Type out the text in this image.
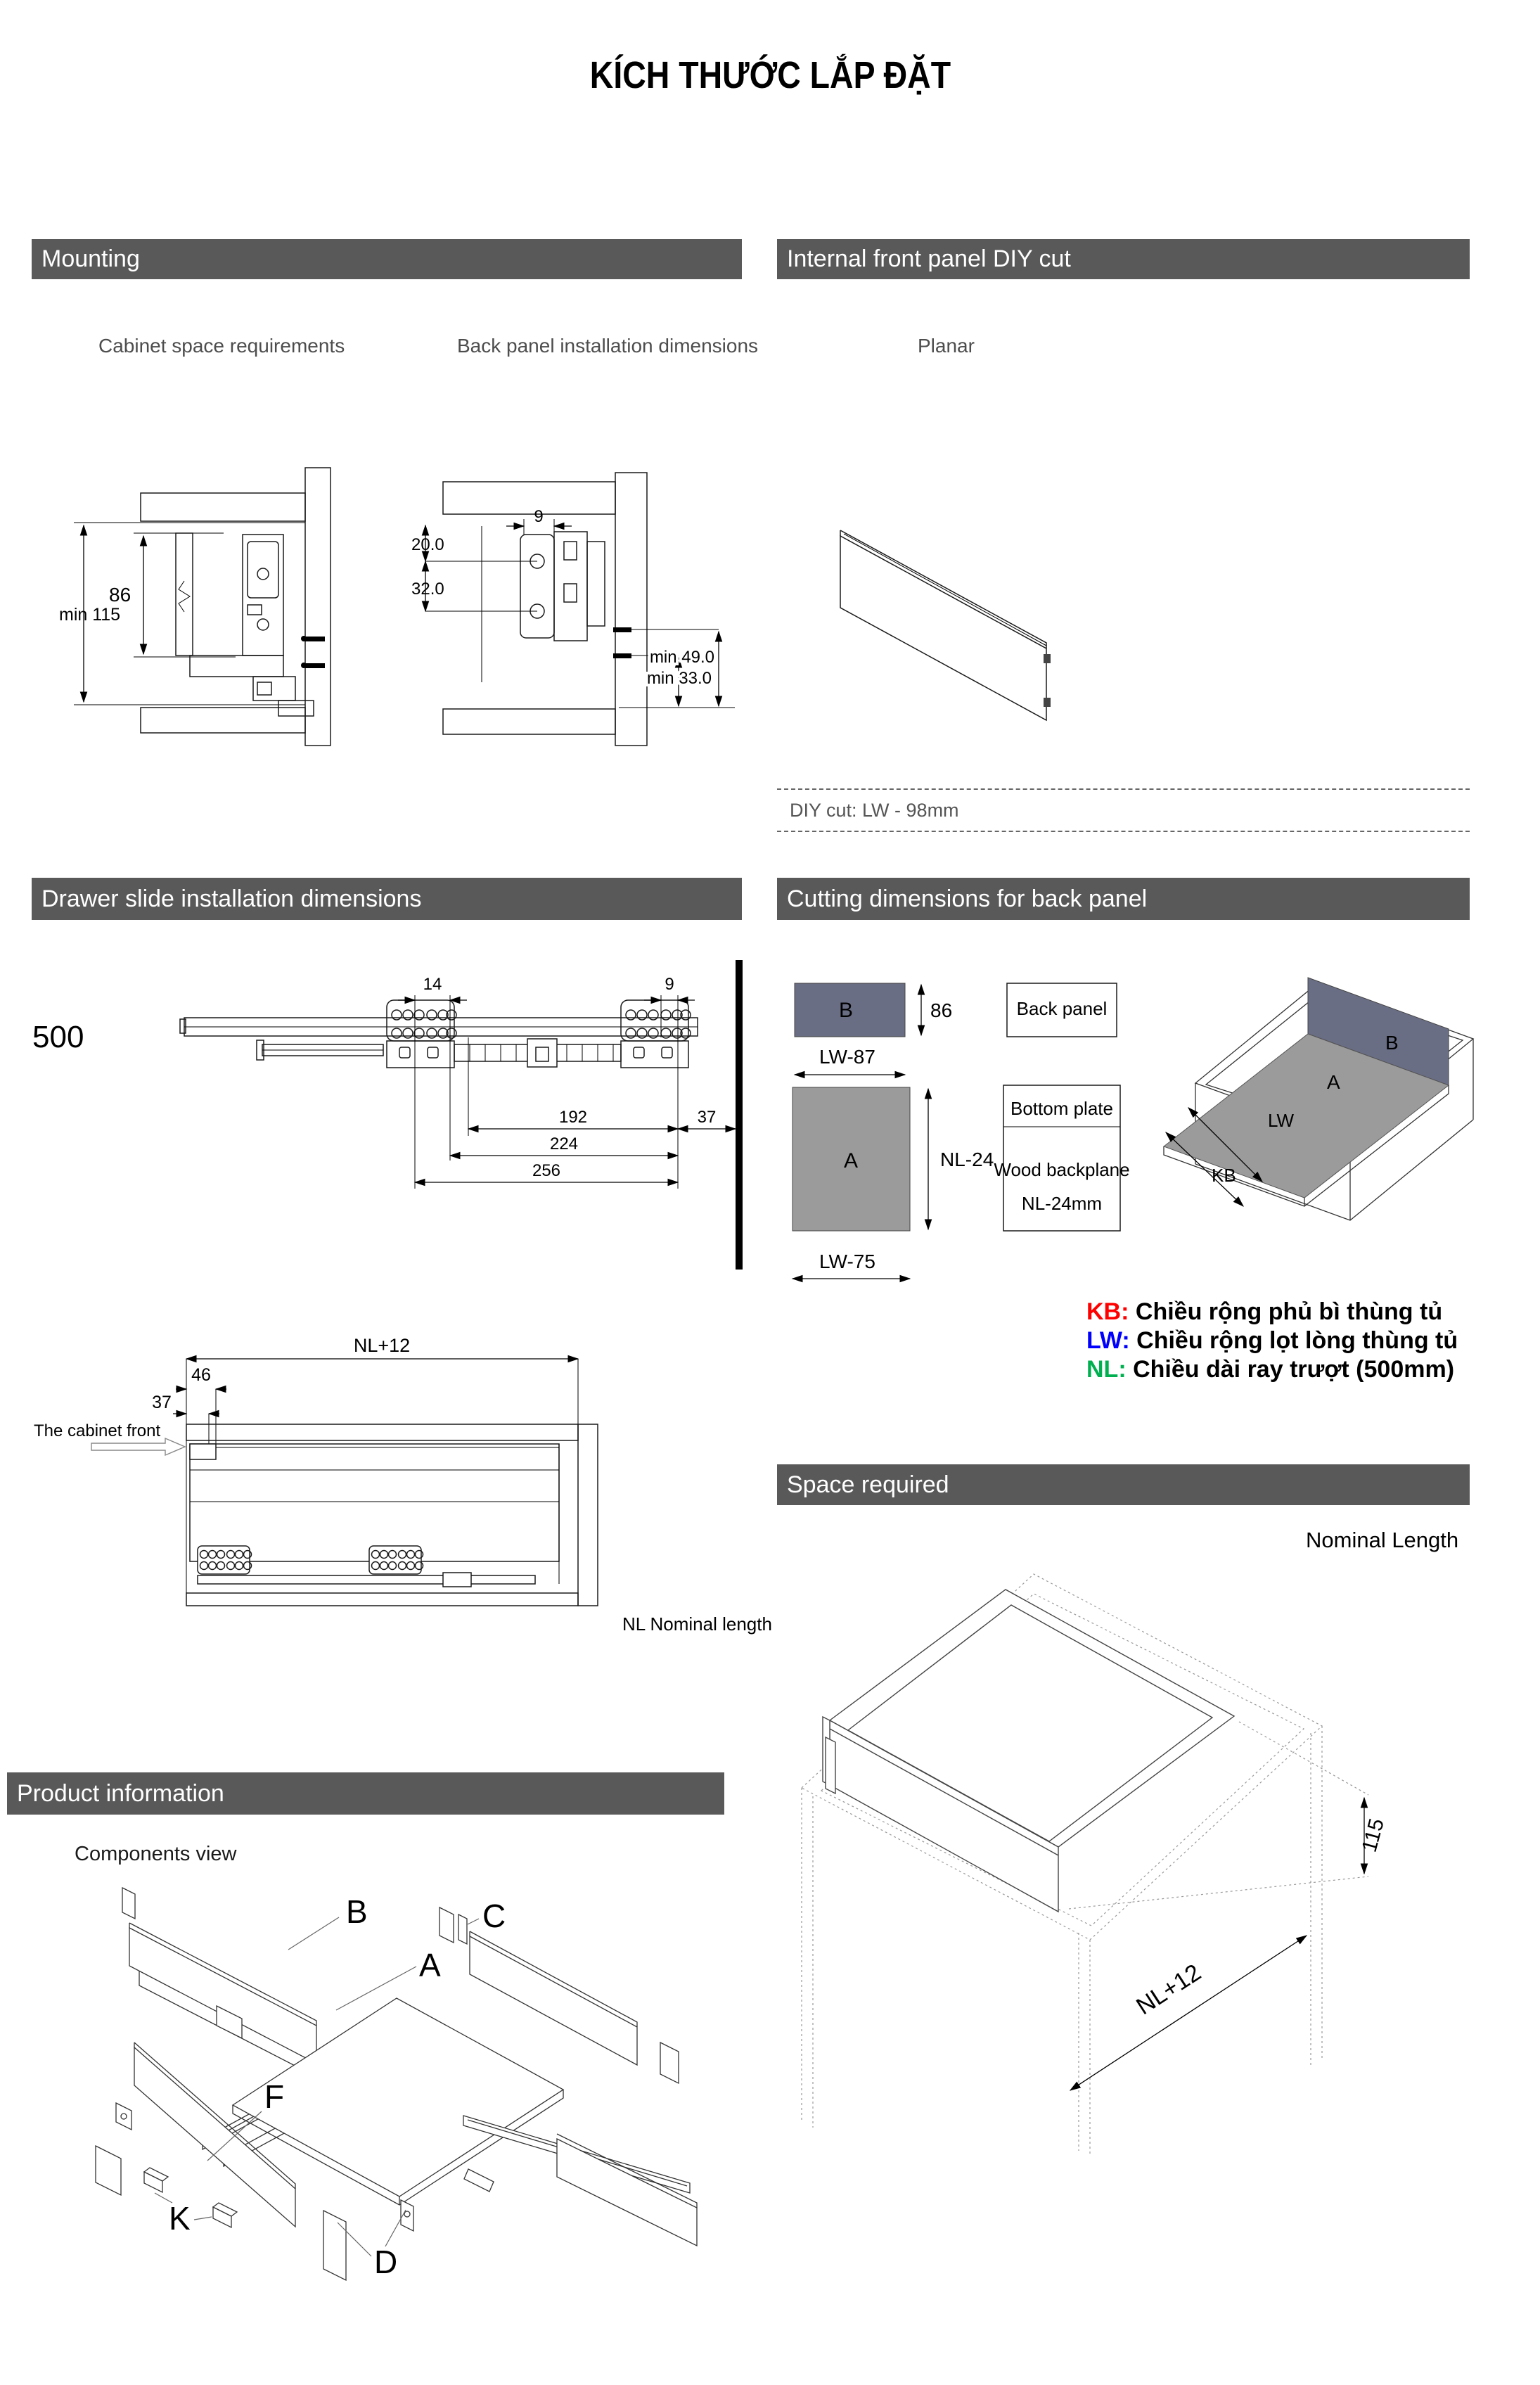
KÍCH THƯỚC LẮP ĐẶT
Mounting	Internal front panel DIY cut
Drawer slide installation dimensions	Cutting dimensions for back panel
Space required
Product information
Cabinet space requirements	Back panel installation dimensions	Planar
Components view
Nominal Length
500
DIY cut: LW - 98mm
KB: Chiều rộng phủ bì thùng tủ
LW: Chiều rộng lọt lòng thùng tủ
NL: Chiều dài ray trượt (500mm)
min 115
86
9
20.0
32.0
min 49.0
min 33.0
14	9
192	37
224
256
B	86
LW-87
A	NL-24
LW-75
Back panel
Bottom plate
Wood backplane
NL-24mm
B
A
LW
KB
NL+12
46
37
The cabinet front
NL Nominal length
115
NL+12
B	C
A
F
K
D
